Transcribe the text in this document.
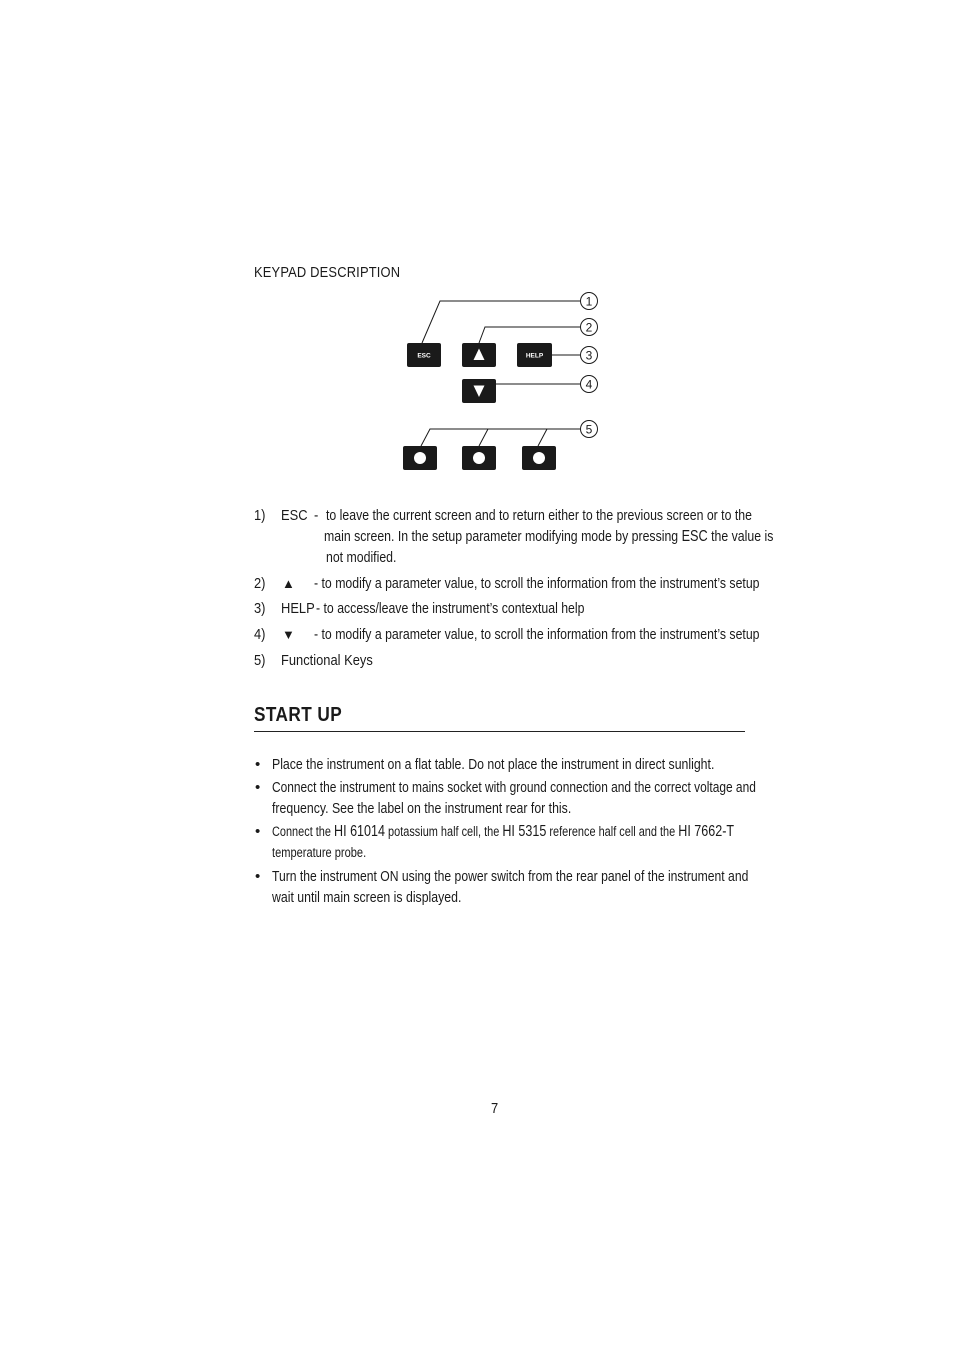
KEYPAD DESCRIPTION
1
2
3
4
5
ESC	HELP
1)	ESC - to leave the current screen and to return either to the previous screen or to the
main screen. In the setup parameter modifying mode by pressing ESC the value is
not modified.
2)	▲ - to modify a parameter value, to scroll the information from the instrument’s setup
3)	HELP - to access/leave the instrument’s contextual help
4)	▼ - to modify a parameter value, to scroll the information from the instrument’s setup
5)	Functional Keys
START UP
• Place the instrument on a flat table. Do not place the instrument in direct sunlight.
• Connect the instrument to mains socket with ground connection and the correct voltage and
frequency. See the label on the instrument rear for this.
• Connect the HI 61014 potassium half cell, the HI 5315 reference half cell and the HI 7662-T
temperature probe.
• Turn the instrument ON using the power switch from the rear panel of the instrument and
wait until main screen is displayed.
7
